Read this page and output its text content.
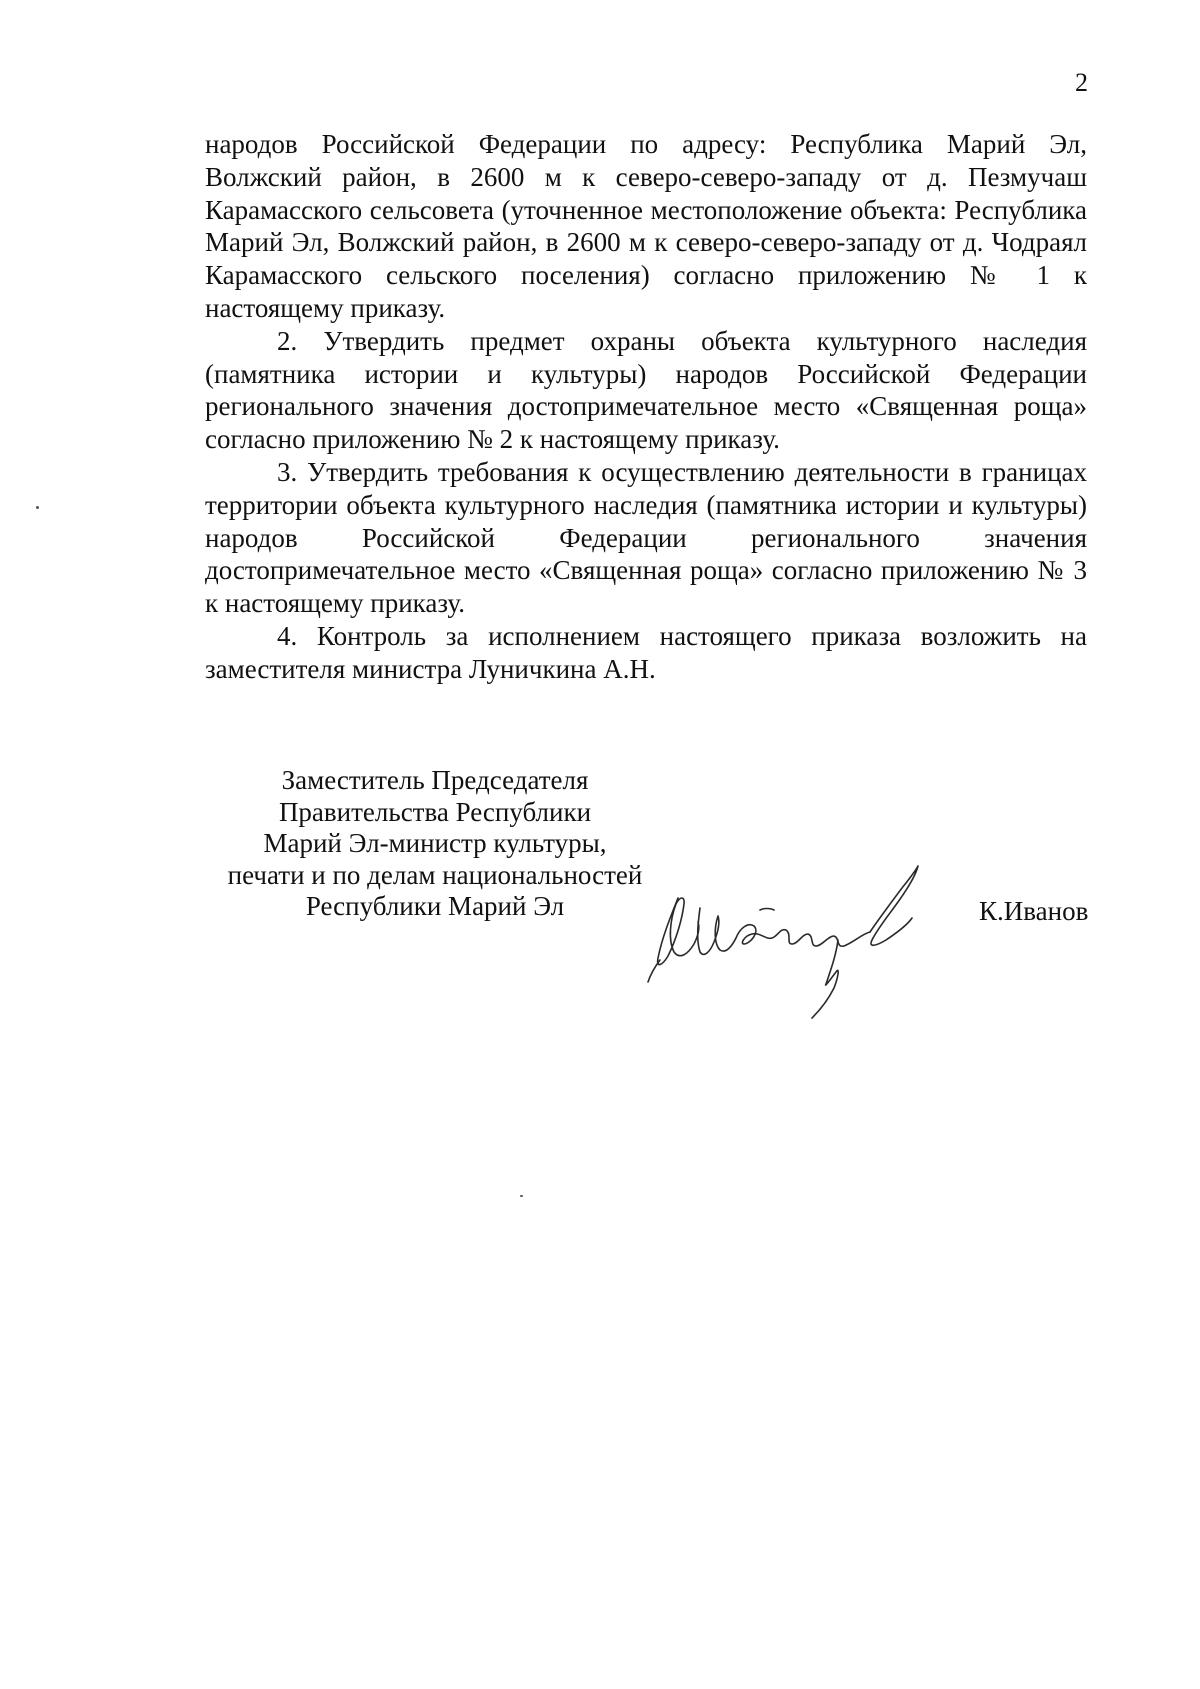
2

народов Российской Федерации по адресу: Республика Марий Эл, Волжский район, в 2600 м к северо-северо-западу от д. Пезмучаш Карамасского сельсовета (уточненное местоположение объекта: Республика Марий Эл, Волжский район, в 2600 м к северо-северо-западу от д. Чодраял Карамасского сельского поселения) согласно приложению № 1 к настоящему приказу.

2. Утвердить предмет охраны объекта культурного наследия (памятника истории и культуры) народов Российской Федерации регионального значения достопримечательное место «Священная роща» согласно приложению № 2 к настоящему приказу.

3. Утвердить требования к осуществлению деятельности в границах территории объекта культурного наследия (памятника истории и культуры) народов Российской Федерации регионального значения достопримечательное место «Священная роща» согласно приложению № 3 к настоящему приказу.

4. Контроль за исполнением настоящего приказа возложить на заместителя министра Луничкина А.Н.

Заместитель Председателя
Правительства Республики
Марий Эл-министр культуры,
печати и по делам национальностей
Республики Марий Эл	К.Иванов
